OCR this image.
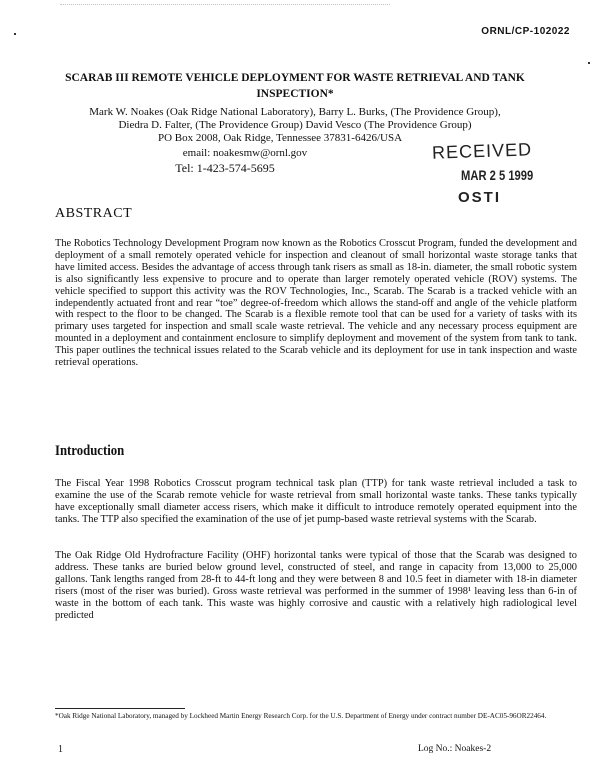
ORNL/CP-102022
SCARAB III REMOTE VEHICLE DEPLOYMENT FOR WASTE RETRIEVAL AND TANK INSPECTION*
Mark W. Noakes (Oak Ridge National Laboratory), Barry L. Burks, (The Providence Group),
Diedra D. Falter, (The Providence Group) David Vesco (The Providence Group)
PO Box 2008, Oak Ridge, Tennessee 37831-6426/USA
email: noakesmw@ornl.gov
Tel: 1-423-574-5695
RECEIVED
MAR 2 5 1999
OSTI
ABSTRACT
The Robotics Technology Development Program now known as the Robotics Crosscut Program, funded the development and deployment of a small remotely operated vehicle for inspection and cleanout of small horizontal waste storage tanks that have limited access. Besides the advantage of access through tank risers as small as 18-in. diameter, the small robotic system is also significantly less expensive to procure and to operate than larger remotely operated vehicle (ROV) systems. The vehicle specified to support this activity was the ROV Technologies, Inc., Scarab. The Scarab is a tracked vehicle with an independently actuated front and rear “toe” degree-of-freedom which allows the stand-off and angle of the vehicle platform with respect to the floor to be changed. The Scarab is a flexible remote tool that can be used for a variety of tasks with its primary uses targeted for inspection and small scale waste retrieval. The vehicle and any necessary process equipment are mounted in a deployment and containment enclosure to simplify deployment and movement of the system from tank to tank. This paper outlines the technical issues related to the Scarab vehicle and its deployment for use in tank inspection and waste retrieval operations.
Introduction
The Fiscal Year 1998 Robotics Crosscut program technical task plan (TTP) for tank waste retrieval included a task to examine the use of the Scarab remote vehicle for waste retrieval from small horizontal waste tanks. These tanks typically have exceptionally small diameter access risers, which make it difficult to introduce remotely operated equipment into the tanks. The TTP also specified the examination of the use of jet pump-based waste retrieval systems with the Scarab.
The Oak Ridge Old Hydrofracture Facility (OHF) horizontal tanks were typical of those that the Scarab was designed to address. These tanks are buried below ground level, constructed of steel, and range in capacity from 13,000 to 25,000 gallons. Tank lengths ranged from 28-ft to 44-ft long and they were between 8 and 10.5 feet in diameter with 18-in diameter risers (most of the riser was buried). Gross waste retrieval was performed in the summer of 1998¹ leaving less than 6-in of waste in the bottom of each tank. This waste was highly corrosive and caustic with a relatively high radiological level predicted
*Oak Ridge National Laboratory, managed by Lockheed Martin Energy Research Corp. for the U.S. Department of Energy under contract number DE-AC05-96OR22464.
1	Log No.: Noakes-2
